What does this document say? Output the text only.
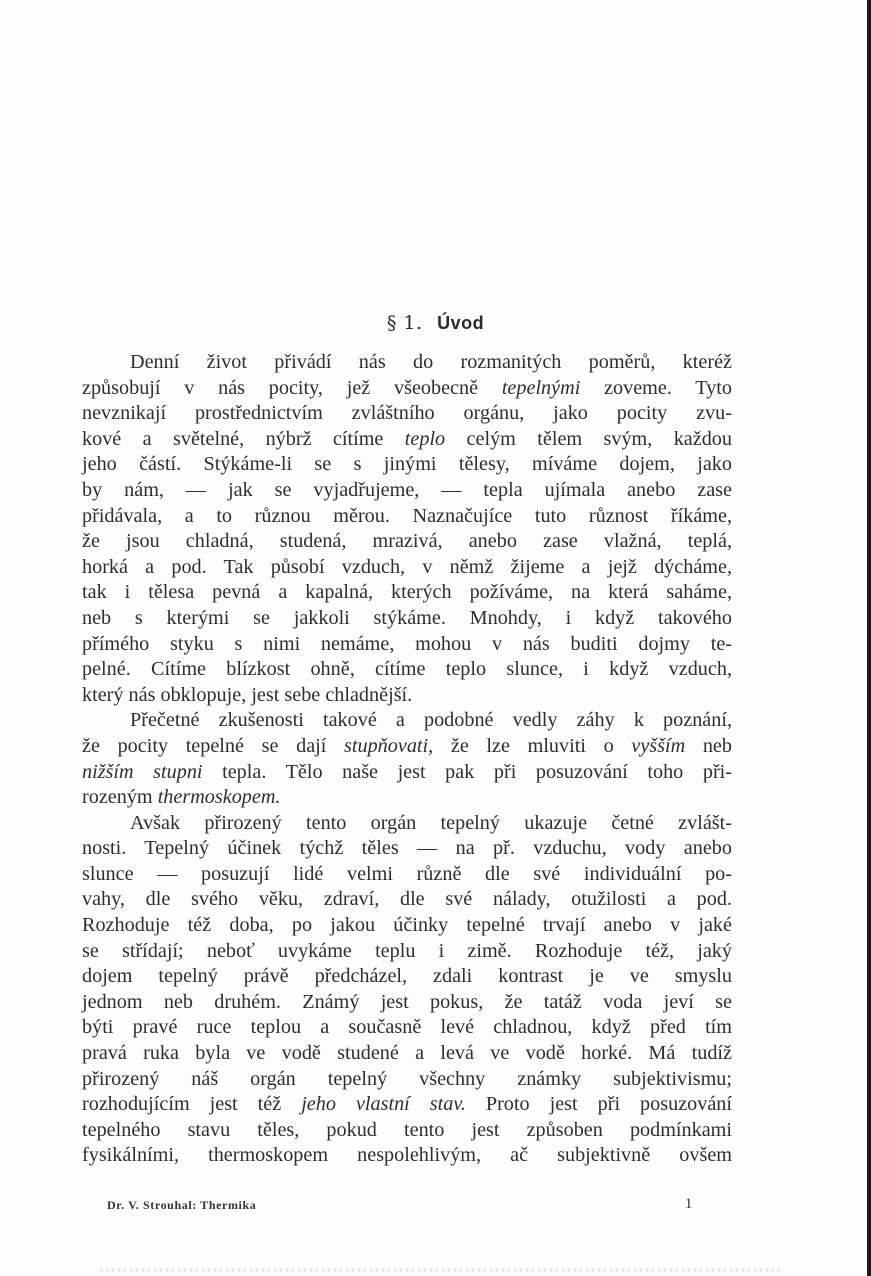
§ 1. Úvod
Denní život přivádí nás do rozmanitých poměrů, kteréž
způsobují v nás pocity, jež všeobecně tepelnými zoveme. Tyto
nevznikají prostřednictvím zvláštního orgánu, jako pocity zvu-
kové a světelné, nýbrž cítíme teplo celým tělem svým, každou
jeho částí. Stýkáme-li se s jinými tělesy, míváme dojem, jako
by nám, — jak se vyjadřujeme, — tepla ujímala anebo zase
přidávala, a to různou měrou. Naznačujíce tuto různost říkáme,
že jsou chladná, studená, mrazivá, anebo zase vlažná, teplá,
horká a pod. Tak působí vzduch, v němž žijeme a jejž dýcháme,
tak i tělesa pevná a kapalná, kterých požíváme, na která saháme,
neb s kterými se jakkoli stýkáme. Mnohdy, i když takového
přímého styku s nimi nemáme, mohou v nás buditi dojmy te-
pelné. Cítíme blízkost ohně, cítíme teplo slunce, i když vzduch,
který nás obklopuje, jest sebe chladnější.
Přečetné zkušenosti takové a podobné vedly záhy k poznání,
že pocity tepelné se dají stupňovati, že lze mluviti o vyšším neb
nižším stupni tepla. Tělo naše jest pak při posuzování toho při-
rozeným thermoskopem.
Avšak přirozený tento orgán tepelný ukazuje četné zvlášt-
nosti. Tepelný účinek týchž těles — na př. vzduchu, vody anebo
slunce — posuzují lidé velmi různě dle své individuální po-
vahy, dle svého věku, zdraví, dle své nálady, otužilosti a pod.
Rozhoduje též doba, po jakou účinky tepelné trvají anebo v jaké
se střídají; neboť uvykáme teplu i zimě. Rozhoduje též, jaký
dojem tepelný právě předcházel, zdali kontrast je ve smyslu
jednom neb druhém. Známý jest pokus, že tatáž voda jeví se
býti pravé ruce teplou a současně levé chladnou, když před tím
pravá ruka byla ve vodě studené a levá ve vodě horké. Má tudíž
přirozený náš orgán tepelný všechny známky subjektivismu;
rozhodujícím jest též jeho vlastní stav. Proto jest při posuzování
tepelného stavu těles, pokud tento jest způsoben podmínkami
fysikálními, thermoskopem nespolehlivým, ač subjektivně ovšem
Dr. V. Strouhal: Thermika	1
